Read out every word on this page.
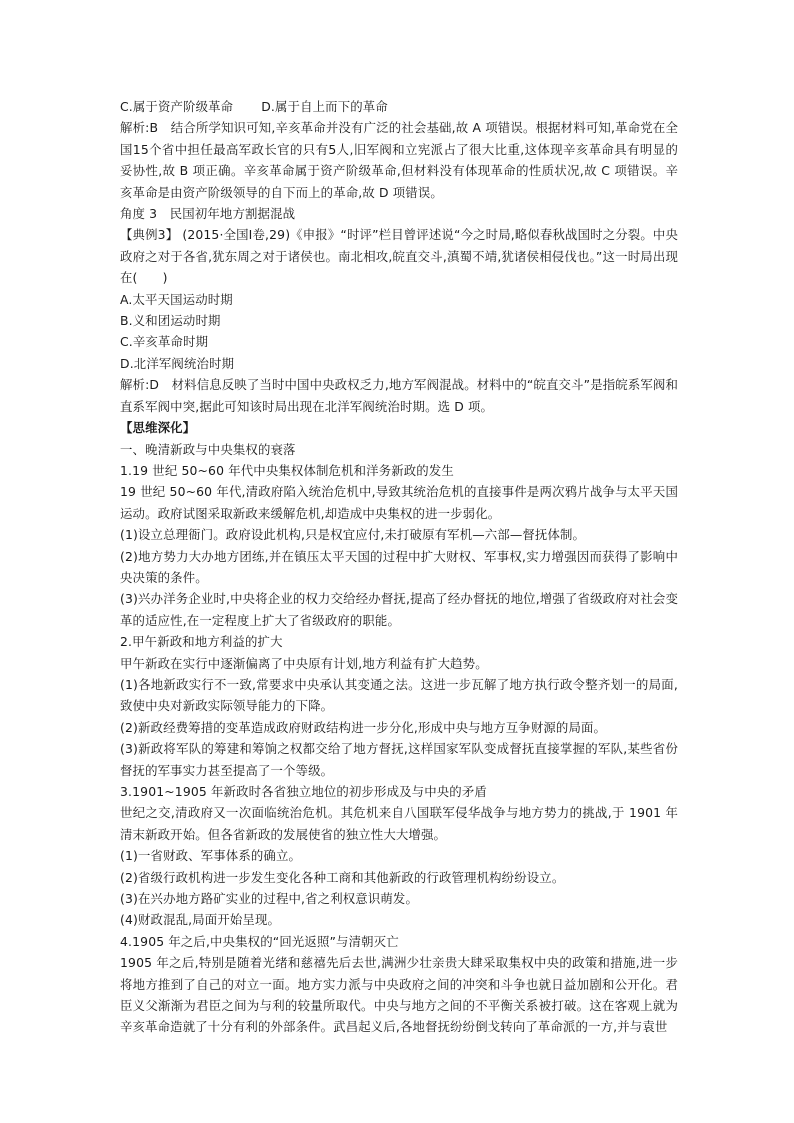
C.属于资产阶级革命 D.属于自上而下的革命

解析:B　结合所学知识可知,辛亥革命并没有广泛的社会基础,故 A 项错误。根据材料可知,革命党在全国15个省中担任最高军政长官的只有5人,旧军阀和立宪派占了很大比重,这体现辛亥革命具有明显的妥协性,故 B 项正确。辛亥革命属于资产阶级革命,但材料没有体现革命的性质状况,故 C 项错误。辛亥革命是由资产阶级领导的自下而上的革命,故 D 项错误。

角度 3　民国初年地方割据混战

【典例3】 (2015·全国Ⅰ卷,29)《申报》“时评”栏目曾评述说“今之时局,略似春秋战国时之分裂。中央政府之对于各省,犹东周之对于诸侯也。南北相攻,皖直交斗,滇蜀不靖,犹诸侯相侵伐也。”这一时局出现在(　　)

A.太平天国运动时期

B.义和团运动时期

C.辛亥革命时期

D.北洋军阀统治时期

解析:D　材料信息反映了当时中国中央政权乏力,地方军阀混战。材料中的“皖直交斗”是指皖系军阀和直系军阀中突,据此可知该时局出现在北洋军阀统治时期。选 D 项。

【思维深化】

一、晚清新政与中央集权的衰落

1.19 世纪 50~60 年代中央集权体制危机和洋务新政的发生

19 世纪 50~60 年代,清政府陷入统治危机中,导致其统治危机的直接事件是两次鸦片战争与太平天国运动。政府试图采取新政来缓解危机,却造成中央集权的进一步弱化。

(1)设立总理衙门。政府设此机构,只是权宜应付,未打破原有军机—六部—督抚体制。

(2)地方势力大办地方团练,并在镇压太平天国的过程中扩大财权、军事权,实力增强因而获得了影响中央决策的条件。

(3)兴办洋务企业时,中央将企业的权力交给经办督抚,提高了经办督抚的地位,增强了省级政府对社会变革的适应性,在一定程度上扩大了省级政府的职能。

2.甲午新政和地方利益的扩大

甲午新政在实行中逐渐偏离了中央原有计划,地方利益有扩大趋势。

(1)各地新政实行不一致,常要求中央承认其变通之法。这进一步瓦解了地方执行政令整齐划一的局面,致使中央对新政实际领导能力的下降。

(2)新政经费筹措的变革造成政府财政结构进一步分化,形成中央与地方互争财源的局面。

(3)新政将军队的筹建和筹饷之权都交给了地方督抚,这样国家军队变成督抚直接掌握的军队,某些省份督抚的军事实力甚至提高了一个等级。

3.1901~1905 年新政时各省独立地位的初步形成及与中央的矛盾

世纪之交,清政府又一次面临统治危机。其危机来自八国联军侵华战争与地方势力的挑战,于 1901 年清末新政开始。但各省新政的发展使省的独立性大大增强。

(1)一省财政、军事体系的确立。

(2)省级行政机构进一步发生变化各种工商和其他新政的行政管理机构纷纷设立。

(3)在兴办地方路矿实业的过程中,省之利权意识萌发。

(4)财政混乱,局面开始呈现。

4.1905 年之后,中央集权的“回光返照”与清朝灭亡

1905 年之后,特别是随着光绪和慈禧先后去世,满洲少壮亲贵大肆采取集权中央的政策和措施,进一步将地方推到了自己的对立一面。地方实力派与中央政府之间的冲突和斗争也就日益加剧和公开化。君臣义父渐渐为君臣之间为与利的较量所取代。中央与地方之间的不平衡关系被打破。这在客观上就为辛亥革命造就了十分有利的外部条件。武昌起义后,各地督抚纷纷倒戈转向了革命派的一方,并与袁世
